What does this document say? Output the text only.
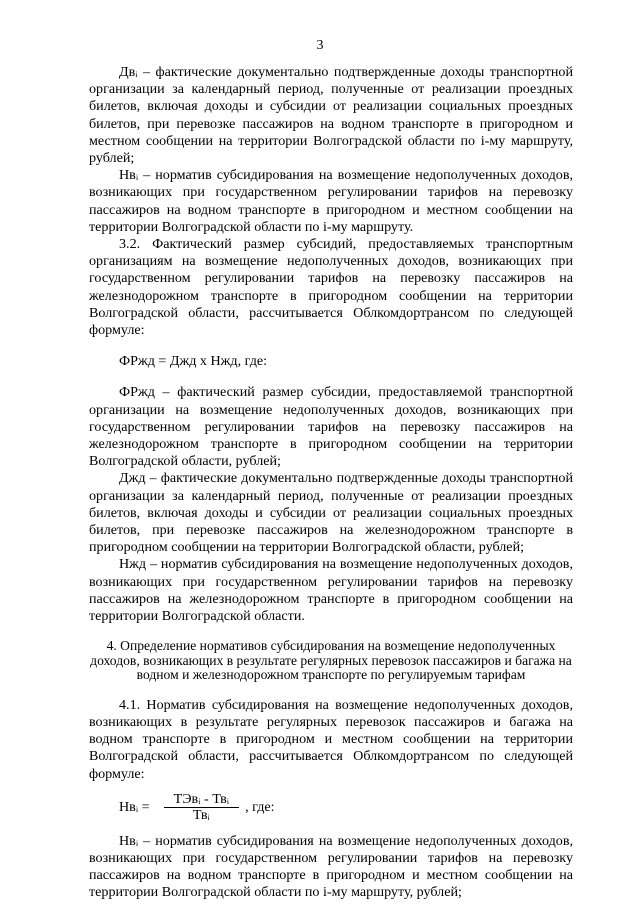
3

Двᵢ – фактические документально подтвержденные доходы транспортной организации за календарный период, полученные от реализации проездных билетов, включая доходы и субсидии от реализации социальных проездных билетов, при перевозке пассажиров на водном транспорте в пригородном и местном сообщении на территории Волгоградской области по i-му маршруту, рублей;

Нвᵢ – норматив субсидирования на возмещение недополученных доходов, возникающих при государственном регулировании тарифов на перевозку пассажиров на водном транспорте в пригородном и местном сообщении на территории Волгоградской области по i-му маршруту.

3.2. Фактический размер субсидий, предоставляемых транспортным организациям на возмещение недополученных доходов, возникающих при государственном регулировании тарифов на перевозку пассажиров на железнодорожном транспорте в пригородном сообщении на территории Волгоградской области, рассчитывается Облкомдортрансом по следующей формуле:

ФРжд = Джд х Нжд, где:

ФРжд – фактический размер субсидии, предоставляемой транспортной организации на возмещение недополученных доходов, возникающих при государственном регулировании тарифов на перевозку пассажиров на железнодорожном транспорте в пригородном сообщении на территории Волгоградской области, рублей;

Джд – фактические документально подтвержденные доходы транспортной организации за календарный период, полученные от реализации проездных билетов, включая доходы и субсидии от реализации социальных проездных билетов, при перевозке пассажиров на железнодорожном транспорте в пригородном сообщении на территории Волгоградской области, рублей;

Нжд – норматив субсидирования на возмещение недополученных доходов, возникающих при государственном регулировании тарифов на перевозку пассажиров на железнодорожном транспорте в пригородном сообщении на территории Волгоградской области.

4. Определение нормативов субсидирования на возмещение недополученных доходов, возникающих в результате регулярных перевозок пассажиров и багажа на водном и железнодорожном транспорте по регулируемым тарифам

4.1. Норматив субсидирования на возмещение недополученных доходов, возникающих в результате регулярных перевозок пассажиров и багажа на водном транспорте в пригородном и местном сообщении на территории Волгоградской области, рассчитывается Облкомдортрансом по следующей формуле:

Нвᵢ = $\frac{\text{ТЭвᵢ - Твᵢ}}{\text{Твᵢ}}$ , где:

Нвᵢ – норматив субсидирования на возмещение недополученных доходов, возникающих при государственном регулировании тарифов на перевозку пассажиров на водном транспорте в пригородном и местном сообщении на территории Волгоградской области по i-му маршруту, рублей;
